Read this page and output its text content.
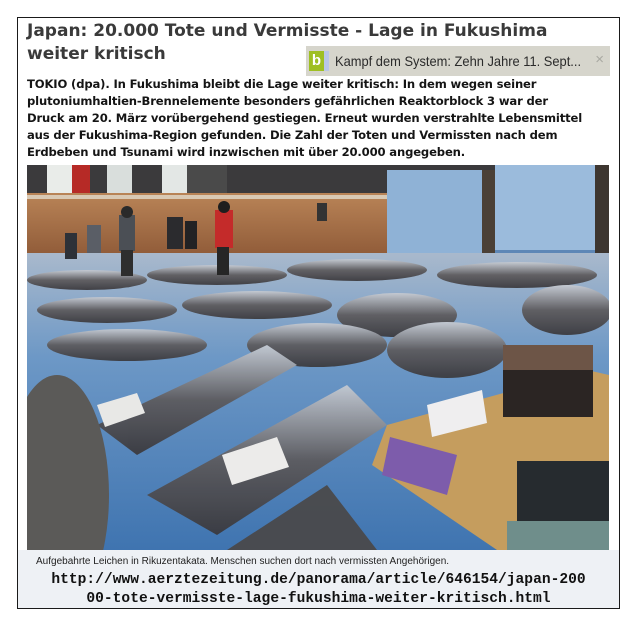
Japan: 20.000 Tote und Vermisste - Lage in Fukushima
weiter kritisch	b Kampf dem System: Zehn Jahre 11. Sept... ×

TOKIO (dpa). In Fukushima bleibt die Lage weiter kritisch: In dem wegen seiner
plutoniumhaltien-Brennelemente besonders gefährlichen Reaktorblock 3 war der
Druck am 20. März vorübergehend gestiegen. Erneut wurden verstrahlte Lebensmittel
aus der Fukushima-Region gefunden. Die Zahl der Toten und Vermissten nach dem
Erdbeben und Tsunami wird inzwischen mit über 20.000 angegeben.

Aufgebahrte Leichen in Rikuzentakata. Menschen suchen dort nach vermissten Angehörigen.
http://www.aerztezeitung.de/panorama/article/646154/japan-200
00-tote-vermisste-lage-fukushima-weiter-kritisch.html
